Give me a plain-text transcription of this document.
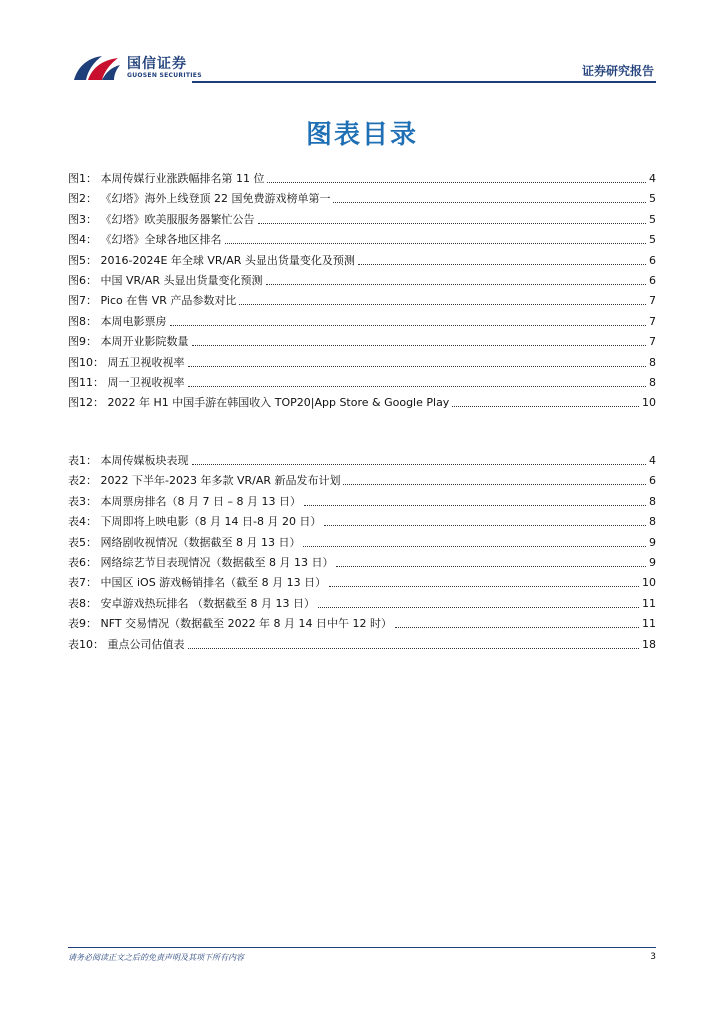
国信证券
GUOSEN SECURITIES	证券研究报告
图表目录
图1： 本周传媒行业涨跌幅排名第 11 位	4
图2： 《幻塔》海外上线登顶 22 国免费游戏榜单第一	5
图3： 《幻塔》欧美服服务器繁忙公告	5
图4： 《幻塔》全球各地区排名	5
图5： 2016-2024E 年全球 VR/AR 头显出货量变化及预测	6
图6： 中国 VR/AR 头显出货量变化预测	6
图7： Pico 在售 VR 产品参数对比	7
图8： 本周电影票房	7
图9： 本周开业影院数量	7
图10： 周五卫视收视率	8
图11： 周一卫视收视率	8
图12： 2022 年 H1 中国手游在韩国收入 TOP20|App Store & Google Play	10
表1： 本周传媒板块表现	4
表2： 2022 下半年-2023 年多款 VR/AR 新品发布计划	6
表3： 本周票房排名（8 月 7 日 – 8 月 13 日）	8
表4： 下周即将上映电影（8 月 14 日-8 月 20 日）	8
表5： 网络剧收视情况（数据截至 8 月 13 日）	9
表6： 网络综艺节目表现情况（数据截至 8 月 13 日）	9
表7： 中国区 iOS 游戏畅销排名（截至 8 月 13 日）	10
表8： 安卓游戏热玩排名 （数据截至 8 月 13 日）	11
表9： NFT 交易情况（数据截至 2022 年 8 月 14 日中午 12 时）	11
表10： 重点公司估值表	18
请务必阅读正文之后的免责声明及其项下所有内容	3
